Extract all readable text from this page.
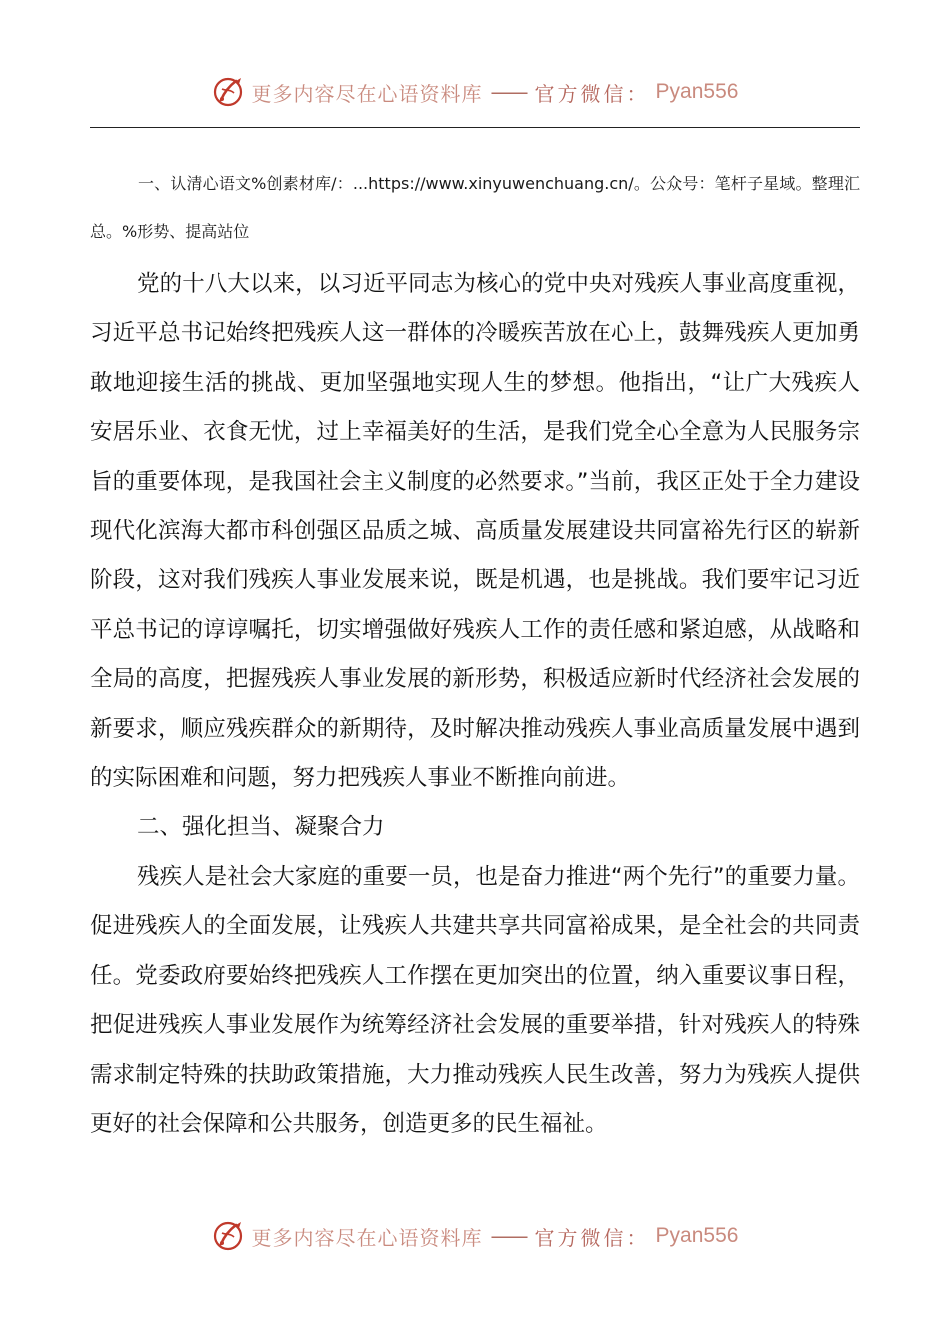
更多内容尽在心语资料库 —— 官方微信： Pyan556

一、认清心语文%创素材库/：...https://www.xinyuwenchuang.cn/。公众号：笔杆子星域。整理汇总。%形势、提高站位

党的十八大以来，以习近平同志为核心的党中央对残疾人事业高度重视，习近平总书记始终把残疾人这一群体的冷暖疾苦放在心上，鼓舞残疾人更加勇敢地迎接生活的挑战、更加坚强地实现人生的梦想。他指出，“让广大残疾人安居乐业、衣食无忧，过上幸福美好的生活，是我们党全心全意为人民服务宗旨的重要体现，是我国社会主义制度的必然要求。”当前，我区正处于全力建设现代化滨海大都市科创强区品质之城、高质量发展建设共同富裕先行区的崭新阶段，这对我们残疾人事业发展来说，既是机遇，也是挑战。我们要牢记习近平总书记的谆谆嘱托，切实增强做好残疾人工作的责任感和紧迫感，从战略和全局的高度，把握残疾人事业发展的新形势，积极适应新时代经济社会发展的新要求，顺应残疾群众的新期待，及时解决推动残疾人事业高质量发展中遇到的实际困难和问题，努力把残疾人事业不断推向前进。

二、强化担当、凝聚合力

残疾人是社会大家庭的重要一员，也是奋力推进“两个先行”的重要力量。促进残疾人的全面发展，让残疾人共建共享共同富裕成果，是全社会的共同责任。党委政府要始终把残疾人工作摆在更加突出的位置，纳入重要议事日程，把促进残疾人事业发展作为统筹经济社会发展的重要举措，针对残疾人的特殊需求制定特殊的扶助政策措施，大力推动残疾人民生改善，努力为残疾人提供更好的社会保障和公共服务，创造更多的民生福祉。

更多内容尽在心语资料库 —— 官方微信： Pyan556
